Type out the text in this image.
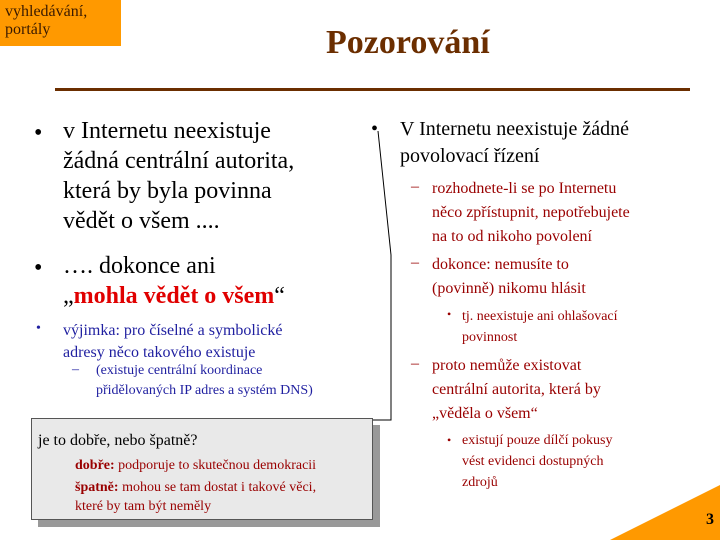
vyhledávání, portály	Pozorování
• v Internetu neexistuje
žádná centrální autorita,
která by byla povinna
vědět o všem ....
• …. dokonce ani
„mohla vědět o všem“
• výjimka: pro číselné a symbolické
adresy něco takového existuje
– (existuje centrální koordinace
přidělovaných IP adres a systém DNS)
je to dobře, nebo špatně?
dobře: podporuje to skutečnou demokracii
špatně: mohou se tam dostat i takové věci,
které by tam být neměly
• V Internetu neexistuje žádné
povolovací řízení
– rozhodnete-li se po Internetu
něco zpřístupnit, nepotřebujete
na to od nikoho povolení
– dokonce: nemusíte to
(povinně) nikomu hlásit
• tj. neexistuje ani ohlašovací
povinnost
– proto nemůže existovat
centrální autorita, která by
„věděla o všem“
• existují pouze dílčí pokusy
vést evidenci dostupných
zdrojů
3
